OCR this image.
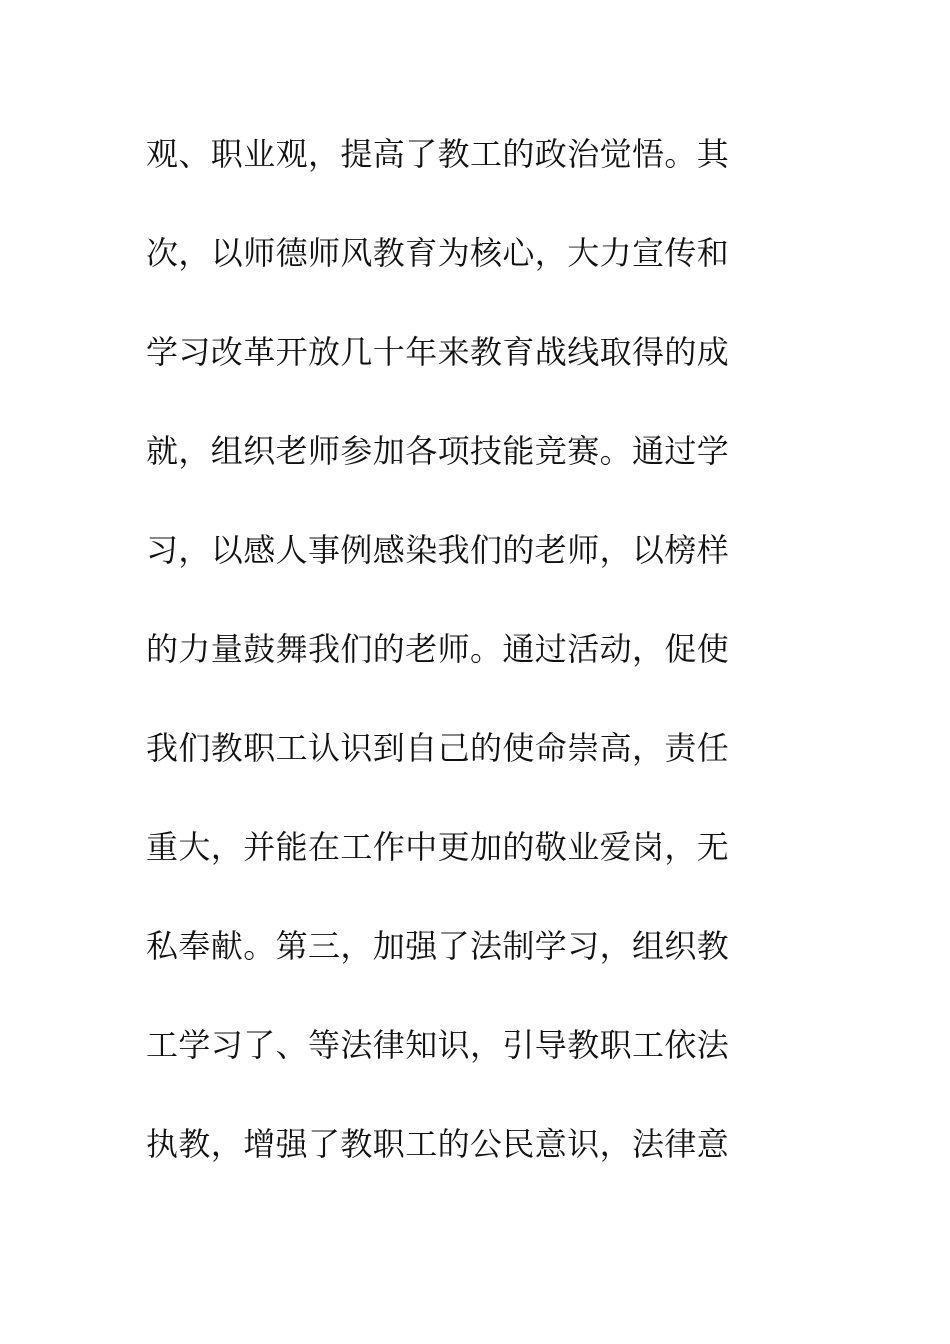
观、职业观，提高了教工的政治觉悟。其
次，以师德师风教育为核心，大力宣传和
学习改革开放几十年来教育战线取得的成
就，组织老师参加各项技能竞赛。通过学
习，以感人事例感染我们的老师，以榜样
的力量鼓舞我们的老师。通过活动，促使
我们教职工认识到自己的使命崇高，责任
重大，并能在工作中更加的敬业爱岗，无
私奉献。第三，加强了法制学习，组织教
工学习了、等法律知识，引导教职工依法
执教，增强了教职工的公民意识，法律意
